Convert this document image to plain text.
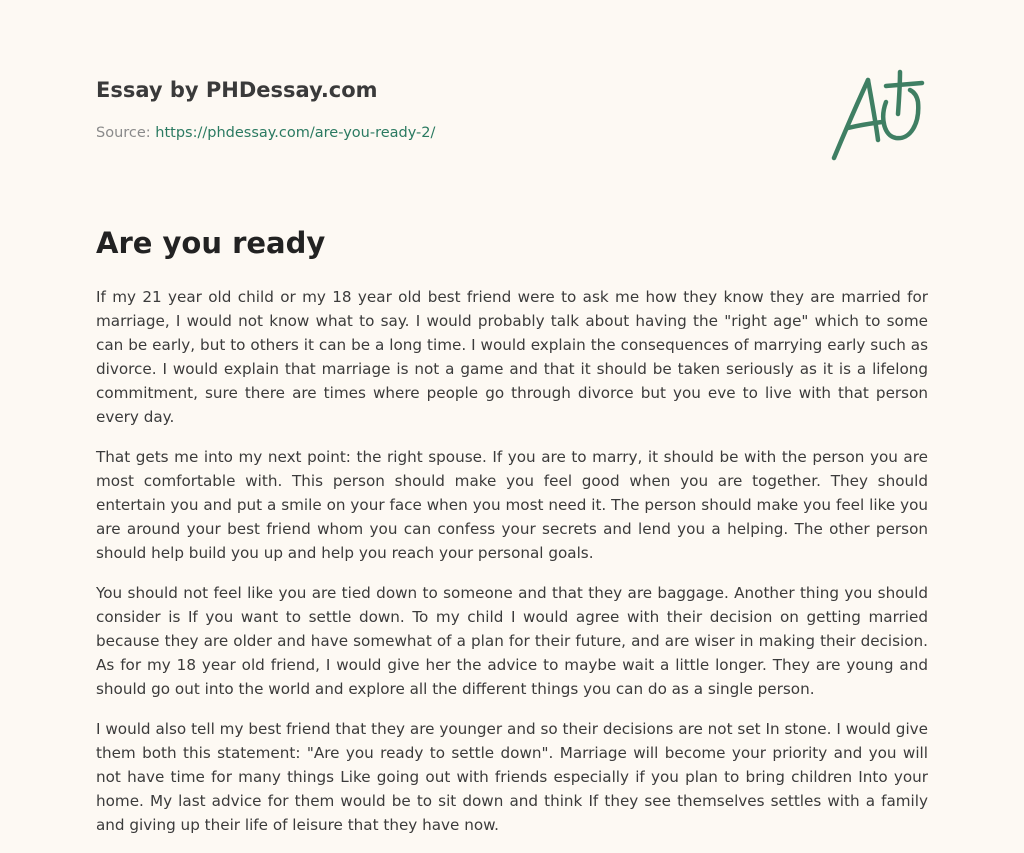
Essay by PHDessay.com
Source: https://phdessay.com/are-you-ready-2/
Are you ready

If my 21 year old child or my 18 year old best friend were to ask me how they know they are married for marriage, I would not know what to say. I would probably talk about having the "right age" which to some can be early, but to others it can be a long time. I would explain the consequences of marrying early such as divorce. I would explain that marriage is not a game and that it should be taken seriously as it is a lifelong commitment, sure there are times where people go through divorce but you eve to live with that person every day.

That gets me into my next point: the right spouse. If you are to marry, it should be with the person you are most comfortable with. This person should make you feel good when you are together. They should entertain you and put a smile on your face when you most need it. The person should make you feel like you are around your best friend whom you can confess your secrets and lend you a helping. The other person should help build you up and help you reach your personal goals.

You should not feel like you are tied down to someone and that they are baggage. Another thing you should consider is If you want to settle down. To my child I would agree with their decision on getting married because they are older and have somewhat of a plan for their future, and are wiser in making their decision. As for my 18 year old friend, I would give her the advice to maybe wait a little longer. They are young and should go out into the world and explore all the different things you can do as a single person.

I would also tell my best friend that they are younger and so their decisions are not set In stone. I would give them both this statement: "Are you ready to settle down". Marriage will become your priority and you will not have time for many things Like going out with friends especially if you plan to bring children Into your home. My last advice for them would be to sit down and think If they see themselves settles with a family and giving up their life of leisure that they have now.
